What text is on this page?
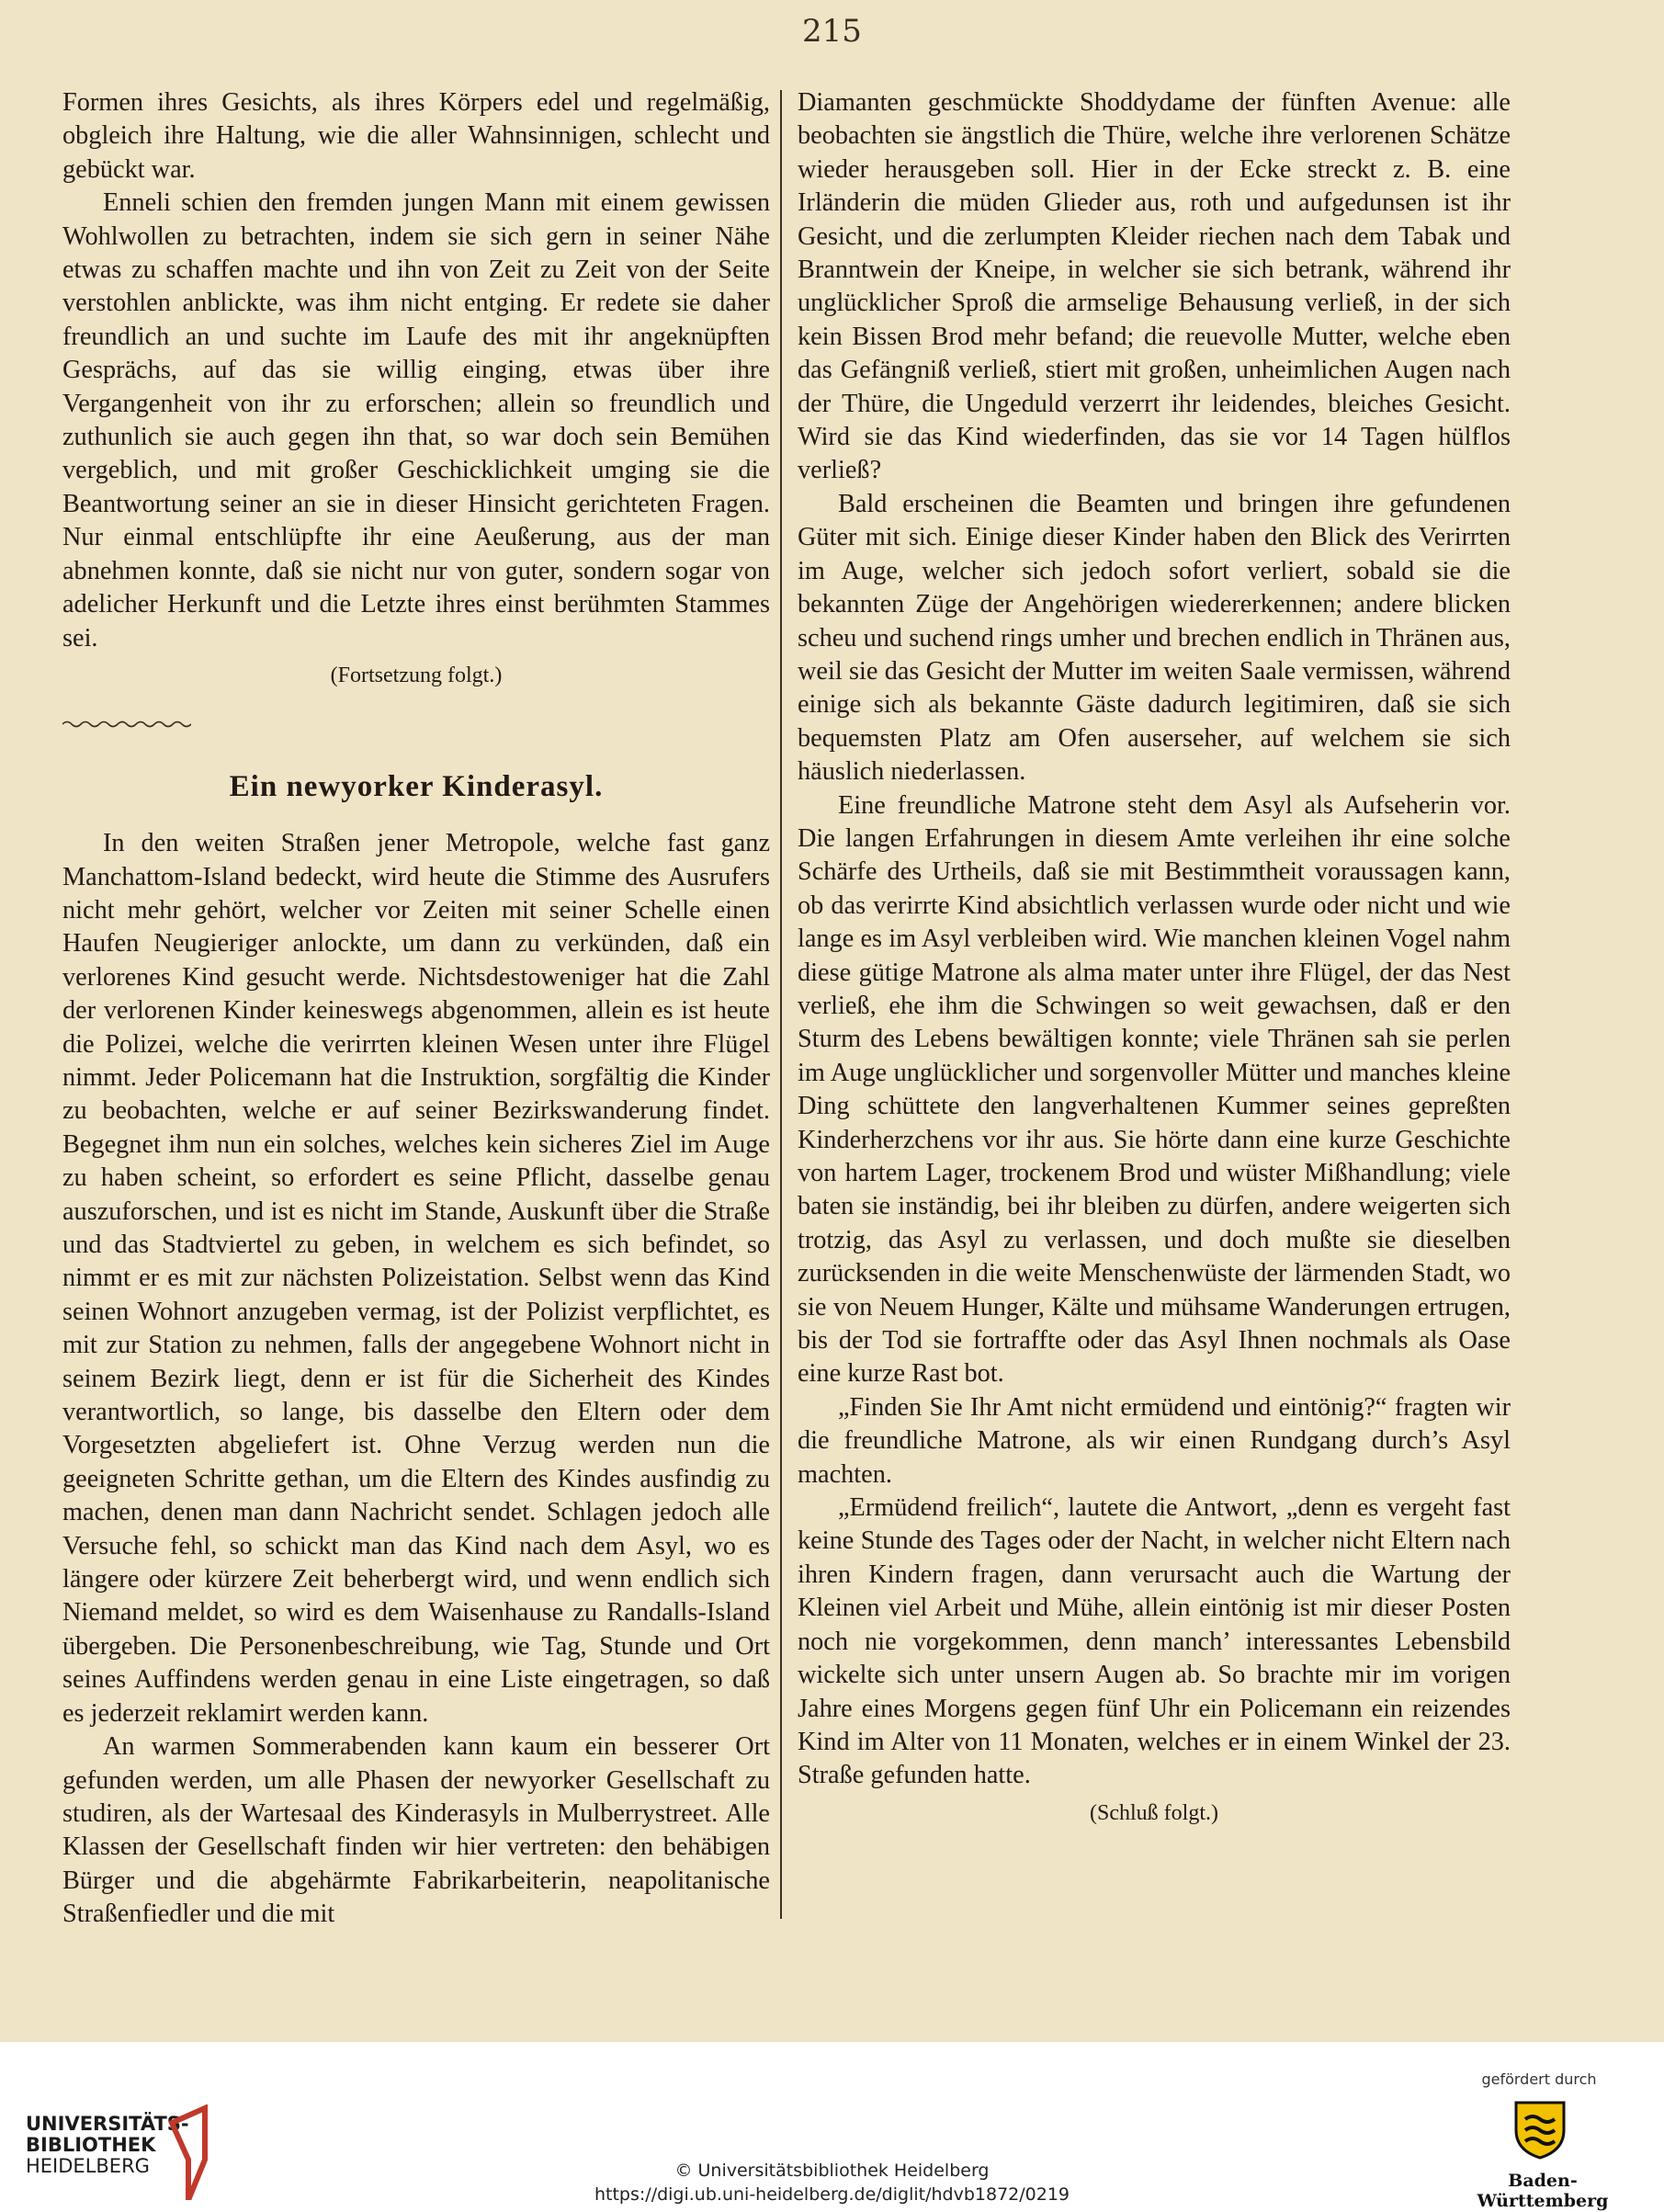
215

Formen ihres Gesichts, als ihres Körpers edel und regelmäßig, obgleich ihre Haltung, wie die aller Wahnsinnigen, schlecht und gebückt war.

Enneli schien den fremden jungen Mann mit einem gewissen Wohlwollen zu betrachten, indem sie sich gern in seiner Nähe etwas zu schaffen machte und ihn von Zeit zu Zeit von der Seite verstohlen anblickte, was ihm nicht entging. Er redete sie daher freundlich an und suchte im Laufe des mit ihr angeknüpften Gesprächs, auf das sie willig einging, etwas über ihre Vergangenheit von ihr zu erforschen; allein so freundlich und zuthunlich sie auch gegen ihn that, so war doch sein Bemühen vergeblich, und mit großer Geschicklichkeit umging sie die Beantwortung seiner an sie in dieser Hinsicht gerichteten Fragen. Nur einmal entschlüpfte ihr eine Aeußerung, aus der man abnehmen konnte, daß sie nicht nur von guter, sondern sogar von adelicher Herkunft und die Letzte ihres einst berühmten Stammes sei.

(Fortsetzung folgt.)
Ein newyorker Kinderasyl.

In den weiten Straßen jener Metropole, welche fast ganz Manchattom-Island bedeckt, wird heute die Stimme des Ausrufers nicht mehr gehört, welcher vor Zeiten mit seiner Schelle einen Haufen Neugieriger anlockte, um dann zu verkünden, daß ein verlorenes Kind gesucht werde. Nichtsdestoweniger hat die Zahl der verlorenen Kinder keineswegs abgenommen, allein es ist heute die Polizei, welche die verirrten kleinen Wesen unter ihre Flügel nimmt. Jeder Policemann hat die Instruktion, sorgfältig die Kinder zu beobachten, welche er auf seiner Bezirkswanderung findet. Begegnet ihm nun ein solches, welches kein sicheres Ziel im Auge zu haben scheint, so erfordert es seine Pflicht, dasselbe genau auszuforschen, und ist es nicht im Stande, Auskunft über die Straße und das Stadtviertel zu geben, in welchem es sich befindet, so nimmt er es mit zur nächsten Polizeistation. Selbst wenn das Kind seinen Wohnort anzugeben vermag, ist der Polizist verpflichtet, es mit zur Station zu nehmen, falls der angegebene Wohnort nicht in seinem Bezirk liegt, denn er ist für die Sicherheit des Kindes verantwortlich, so lange, bis dasselbe den Eltern oder dem Vorgesetzten abgeliefert ist. Ohne Verzug werden nun die geeigneten Schritte gethan, um die Eltern des Kindes ausfindig zu machen, denen man dann Nachricht sendet. Schlagen jedoch alle Versuche fehl, so schickt man das Kind nach dem Asyl, wo es längere oder kürzere Zeit beherbergt wird, und wenn endlich sich Niemand meldet, so wird es dem Waisenhause zu Randalls-Island übergeben. Die Personenbeschreibung, wie Tag, Stunde und Ort seines Auffindens werden genau in eine Liste eingetragen, so daß es jederzeit reklamirt werden kann.

An warmen Sommerabenden kann kaum ein besserer Ort gefunden werden, um alle Phasen der newyorker Gesellschaft zu studiren, als der Wartesaal des Kinderasyls in Mulberrystreet. Alle Klassen der Gesellschaft finden wir hier vertreten: den behäbigen Bürger und die abgehärmte Fabrikarbeiterin, neapolitanische Straßenfiedler und die mit

Diamanten geschmückte Shoddydame der fünften Avenue: alle beobachten sie ängstlich die Thüre, welche ihre verlorenen Schätze wieder herausgeben soll. Hier in der Ecke streckt z. B. eine Irländerin die müden Glieder aus, roth und aufgedunsen ist ihr Gesicht, und die zerlumpten Kleider riechen nach dem Tabak und Branntwein der Kneipe, in welcher sie sich betrank, während ihr unglücklicher Sproß die armselige Behausung verließ, in der sich kein Bissen Brod mehr befand; die reuevolle Mutter, welche eben das Gefängniß verließ, stiert mit großen, unheimlichen Augen nach der Thüre, die Ungeduld verzerrt ihr leidendes, bleiches Gesicht. Wird sie das Kind wiederfinden, das sie vor 14 Tagen hülflos verließ?

Bald erscheinen die Beamten und bringen ihre gefundenen Güter mit sich. Einige dieser Kinder haben den Blick des Verirrten im Auge, welcher sich jedoch sofort verliert, sobald sie die bekannten Züge der Angehörigen wiedererkennen; andere blicken scheu und suchend rings umher und brechen endlich in Thränen aus, weil sie das Gesicht der Mutter im weiten Saale vermissen, während einige sich als bekannte Gäste dadurch legitimiren, daß sie sich bequemsten Platz am Ofen auserseher, auf welchem sie sich häuslich niederlassen.

Eine freundliche Matrone steht dem Asyl als Aufseherin vor. Die langen Erfahrungen in diesem Amte verleihen ihr eine solche Schärfe des Urtheils, daß sie mit Bestimmtheit voraussagen kann, ob das verirrte Kind absichtlich verlassen wurde oder nicht und wie lange es im Asyl verbleiben wird. Wie manchen kleinen Vogel nahm diese gütige Matrone als alma mater unter ihre Flügel, der das Nest verließ, ehe ihm die Schwingen so weit gewachsen, daß er den Sturm des Lebens bewältigen konnte; viele Thränen sah sie perlen im Auge unglücklicher und sorgenvoller Mütter und manches kleine Ding schüttete den langverhaltenen Kummer seines gepreßten Kinderherzchens vor ihr aus. Sie hörte dann eine kurze Geschichte von hartem Lager, trockenem Brod und wüster Mißhandlung; viele baten sie inständig, bei ihr bleiben zu dürfen, andere weigerten sich trotzig, das Asyl zu verlassen, und doch mußte sie dieselben zurücksenden in die weite Menschenwüste der lärmenden Stadt, wo sie von Neuem Hunger, Kälte und mühsame Wanderungen ertrugen, bis der Tod sie fortraffte oder das Asyl Ihnen nochmals als Oase eine kurze Rast bot.

„Finden Sie Ihr Amt nicht ermüdend und eintönig?“ fragten wir die freundliche Matrone, als wir einen Rundgang durch’s Asyl machten.

„Ermüdend freilich“, lautete die Antwort, „denn es vergeht fast keine Stunde des Tages oder der Nacht, in welcher nicht Eltern nach ihren Kindern fragen, dann verursacht auch die Wartung der Kleinen viel Arbeit und Mühe, allein eintönig ist mir dieser Posten noch nie vorgekommen, denn manch’ interessantes Lebensbild wickelte sich unter unsern Augen ab. So brachte mir im vorigen Jahre eines Morgens gegen fünf Uhr ein Policemann ein reizendes Kind im Alter von 11 Monaten, welches er in einem Winkel der 23. Straße gefunden hatte.

(Schluß folgt.)
UNIVERSITÄTS-
BIBLIOTHEK
HEIDELBERG	© Universitätsbibliothek Heidelberg
https://digi.ub.uni-heidelberg.de/diglit/hdvb1872/0219
gefördert durch
Baden-Württemberg
